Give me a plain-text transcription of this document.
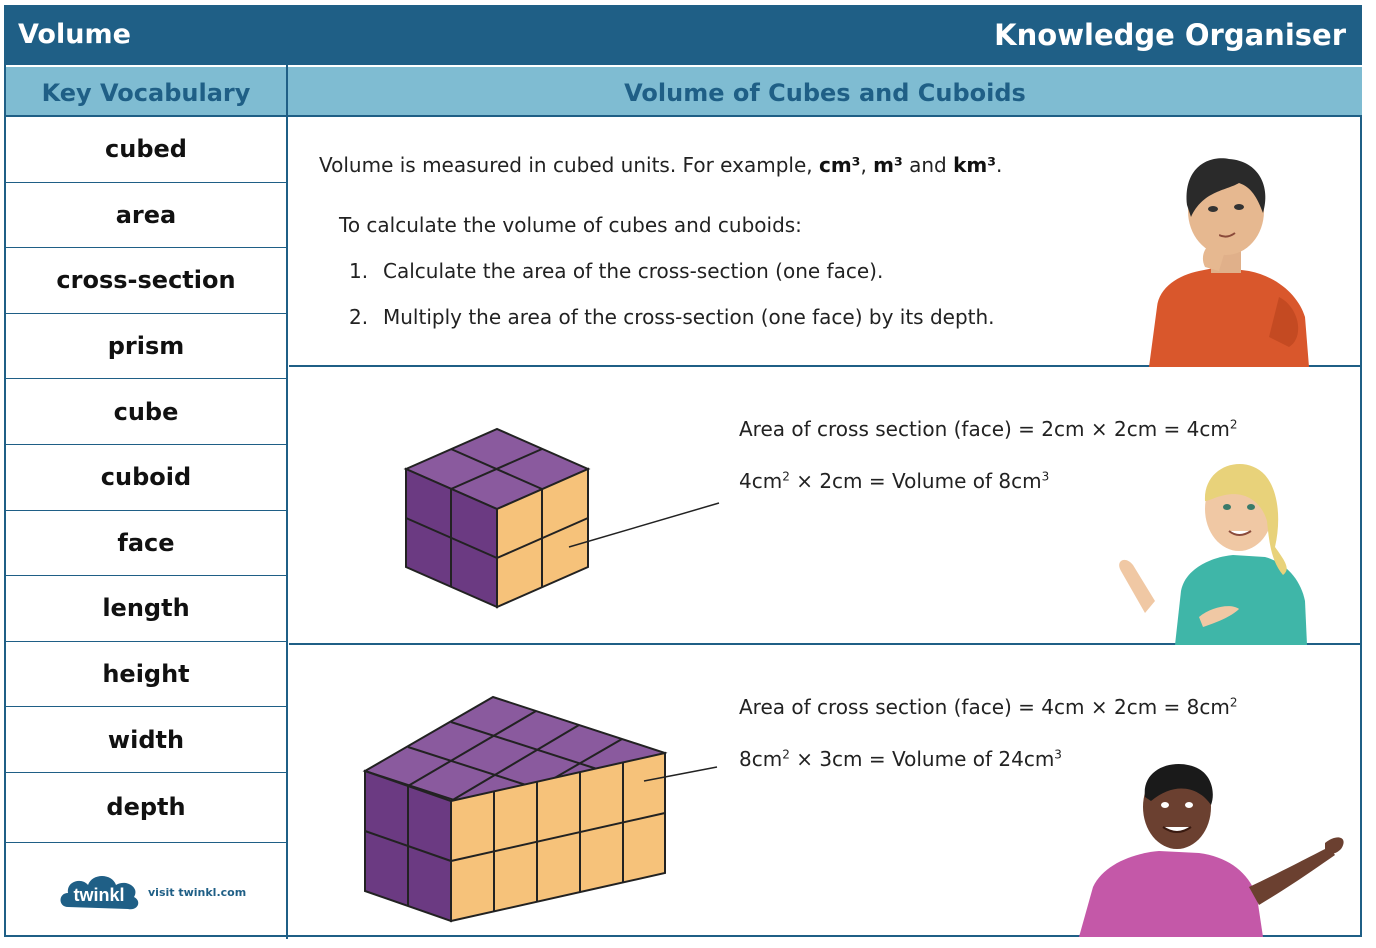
Volume	Knowledge Organiser
Key Vocabulary	Volume of Cubes and Cuboids
cubed
area
cross-section
prism
cube
cuboid
face
length
height
width
depth
twinkl visit twinkl.com
Volume is measured in cubed units. For example, cm³, m³ and km³.
To calculate the volume of cubes and cuboids:
1. Calculate the area of the cross-section (one face).
2. Multiply the area of the cross-section (one face) by its depth.
Area of cross section (face) = $2cm \times 2cm = 4cm^2$
$4cm^2 \times 2cm$ = Volume of $8cm^3$
Area of cross section (face) = $4cm \times 2cm = 8cm^2$
$8cm^2 \times 3cm$ = Volume of $24cm^3$
